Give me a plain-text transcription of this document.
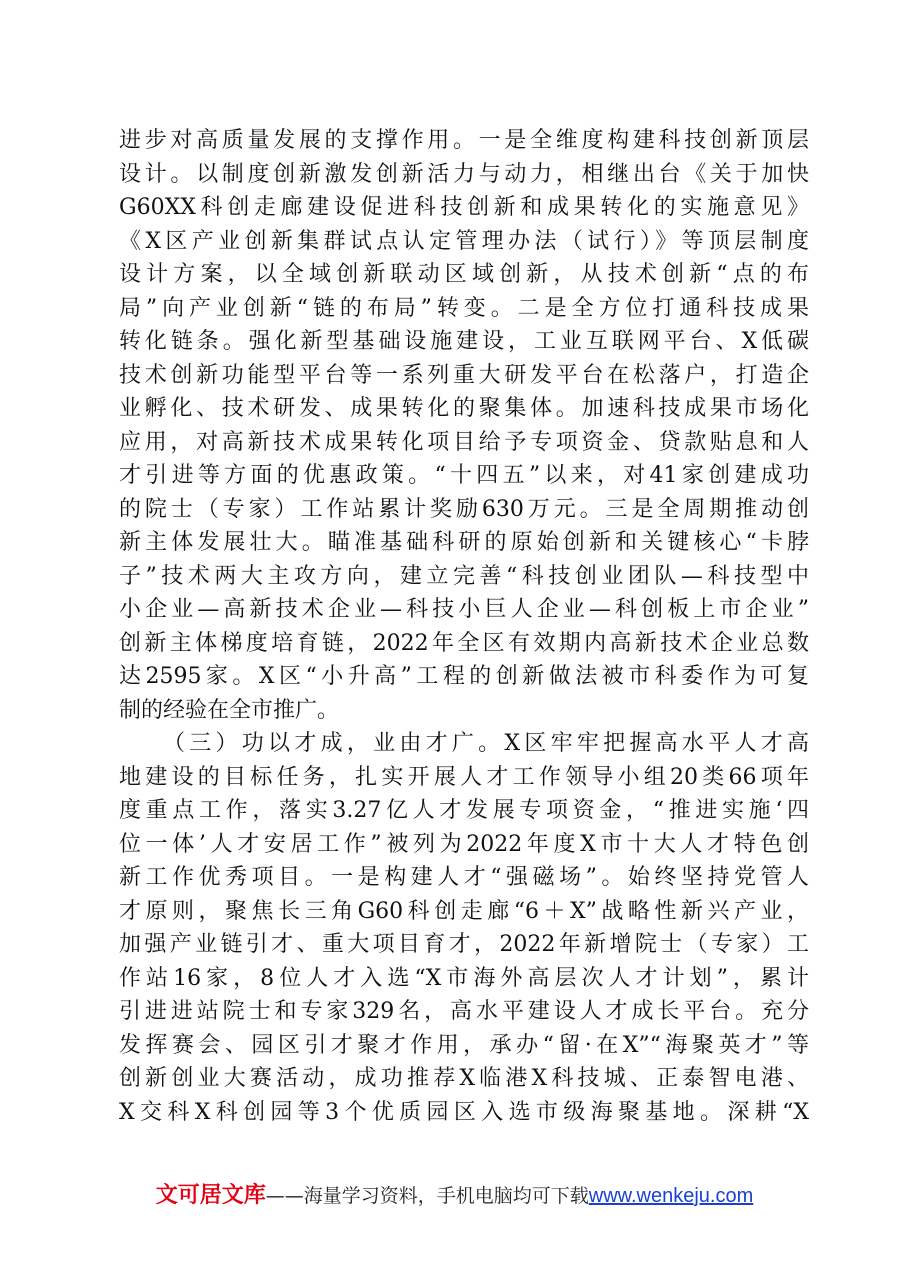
进步对高质量发展的支撑作用。一是全维度构建科技创新顶层
设计。以制度创新激发创新活力与动力，相继出台《关于加快
G60XX科创走廊建设促进科技创新和成果转化的实施意见》
《X区产业创新集群试点认定管理办法（试行）》等顶层制度
设计方案，以全域创新联动区域创新，从技术创新“点的布
局”向产业创新“链的布局”转变。二是全方位打通科技成果
转化链条。强化新型基础设施建设，工业互联网平台、X低碳
技术创新功能型平台等一系列重大研发平台在松落户，打造企
业孵化、技术研发、成果转化的聚集体。加速科技成果市场化
应用，对高新技术成果转化项目给予专项资金、贷款贴息和人
才引进等方面的优惠政策。“十四五”以来，对41家创建成功
的院士（专家）工作站累计奖励630万元。三是全周期推动创
新主体发展壮大。瞄准基础科研的原始创新和关键核心“卡脖
子”技术两大主攻方向，建立完善“科技创业团队—科技型中
小企业—高新技术企业—科技小巨人企业—科创板上市企业”
创新主体梯度培育链，2022年全区有效期内高新技术企业总数
达2595家。X区“小升高”工程的创新做法被市科委作为可复
制的经验在全市推广。
（三）功以才成，业由才广。X区牢牢把握高水平人才高
地建设的目标任务，扎实开展人才工作领导小组20类66项年
度重点工作，落实3.27亿人才发展专项资金，“推进实施‘四
位一体’人才安居工作”被列为2022年度X市十大人才特色创
新工作优秀项目。一是构建人才“强磁场”。始终坚持党管人
才原则，聚焦长三角G60科创走廊“6＋X”战略性新兴产业，
加强产业链引才、重大项目育才，2022年新增院士（专家）工
作站16家，8位人才入选“X市海外高层次人才计划”，累计
引进进站院士和专家329名，高水平建设人才成长平台。充分
发挥赛会、园区引才聚才作用，承办“留·在X”“海聚英才”等
创新创业大赛活动，成功推荐X临港X科技城、正泰智电港、
X交科X科创园等3个优质园区入选市级海聚基地。深耕“X
文可居文库——海量学习资料，手机电脑均可下载www.wenkeju.com
